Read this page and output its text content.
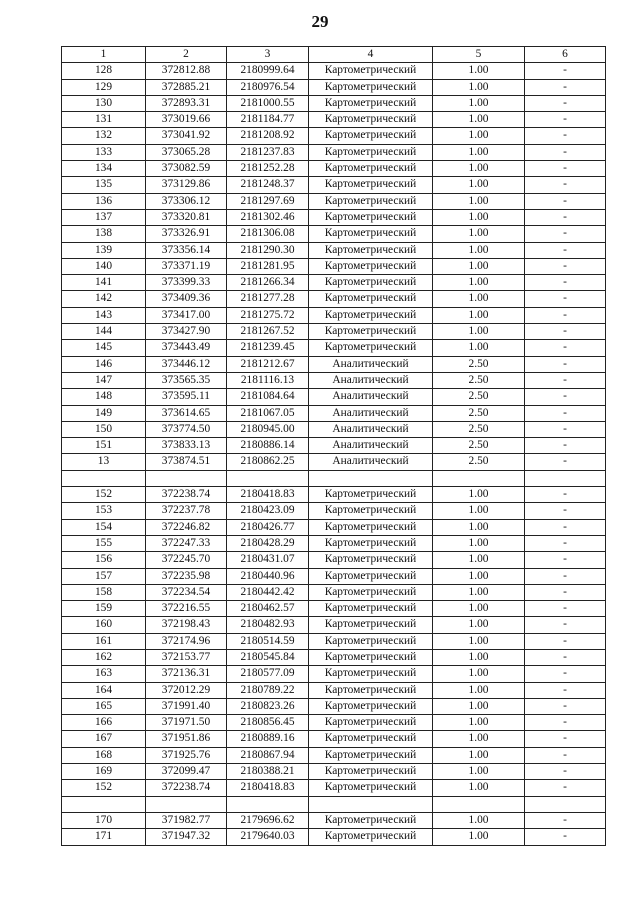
29
1	2	3	4	5	6
128	372812.88	2180999.64	Картометрический	1.00	-
129	372885.21	2180976.54	Картометрический	1.00	-
130	372893.31	2181000.55	Картометрический	1.00	-
131	373019.66	2181184.77	Картометрический	1.00	-
132	373041.92	2181208.92	Картометрический	1.00	-
133	373065.28	2181237.83	Картометрический	1.00	-
134	373082.59	2181252.28	Картометрический	1.00	-
135	373129.86	2181248.37	Картометрический	1.00	-
136	373306.12	2181297.69	Картометрический	1.00	-
137	373320.81	2181302.46	Картометрический	1.00	-
138	373326.91	2181306.08	Картометрический	1.00	-
139	373356.14	2181290.30	Картометрический	1.00	-
140	373371.19	2181281.95	Картометрический	1.00	-
141	373399.33	2181266.34	Картометрический	1.00	-
142	373409.36	2181277.28	Картометрический	1.00	-
143	373417.00	2181275.72	Картометрический	1.00	-
144	373427.90	2181267.52	Картометрический	1.00	-
145	373443.49	2181239.45	Картометрический	1.00	-
146	373446.12	2181212.67	Аналитический	2.50	-
147	373565.35	2181116.13	Аналитический	2.50	-
148	373595.11	2181084.64	Аналитический	2.50	-
149	373614.65	2181067.05	Аналитический	2.50	-
150	373774.50	2180945.00	Аналитический	2.50	-
151	373833.13	2180886.14	Аналитический	2.50	-
13	373874.51	2180862.25	Аналитический	2.50	-

152	372238.74	2180418.83	Картометрический	1.00	-
153	372237.78	2180423.09	Картометрический	1.00	-
154	372246.82	2180426.77	Картометрический	1.00	-
155	372247.33	2180428.29	Картометрический	1.00	-
156	372245.70	2180431.07	Картометрический	1.00	-
157	372235.98	2180440.96	Картометрический	1.00	-
158	372234.54	2180442.42	Картометрический	1.00	-
159	372216.55	2180462.57	Картометрический	1.00	-
160	372198.43	2180482.93	Картометрический	1.00	-
161	372174.96	2180514.59	Картометрический	1.00	-
162	372153.77	2180545.84	Картометрический	1.00	-
163	372136.31	2180577.09	Картометрический	1.00	-
164	372012.29	2180789.22	Картометрический	1.00	-
165	371991.40	2180823.26	Картометрический	1.00	-
166	371971.50	2180856.45	Картометрический	1.00	-
167	371951.86	2180889.16	Картометрический	1.00	-
168	371925.76	2180867.94	Картометрический	1.00	-
169	372099.47	2180388.21	Картометрический	1.00	-
152	372238.74	2180418.83	Картометрический	1.00	-

170	371982.77	2179696.62	Картометрический	1.00	-
171	371947.32	2179640.03	Картометрический	1.00	-
